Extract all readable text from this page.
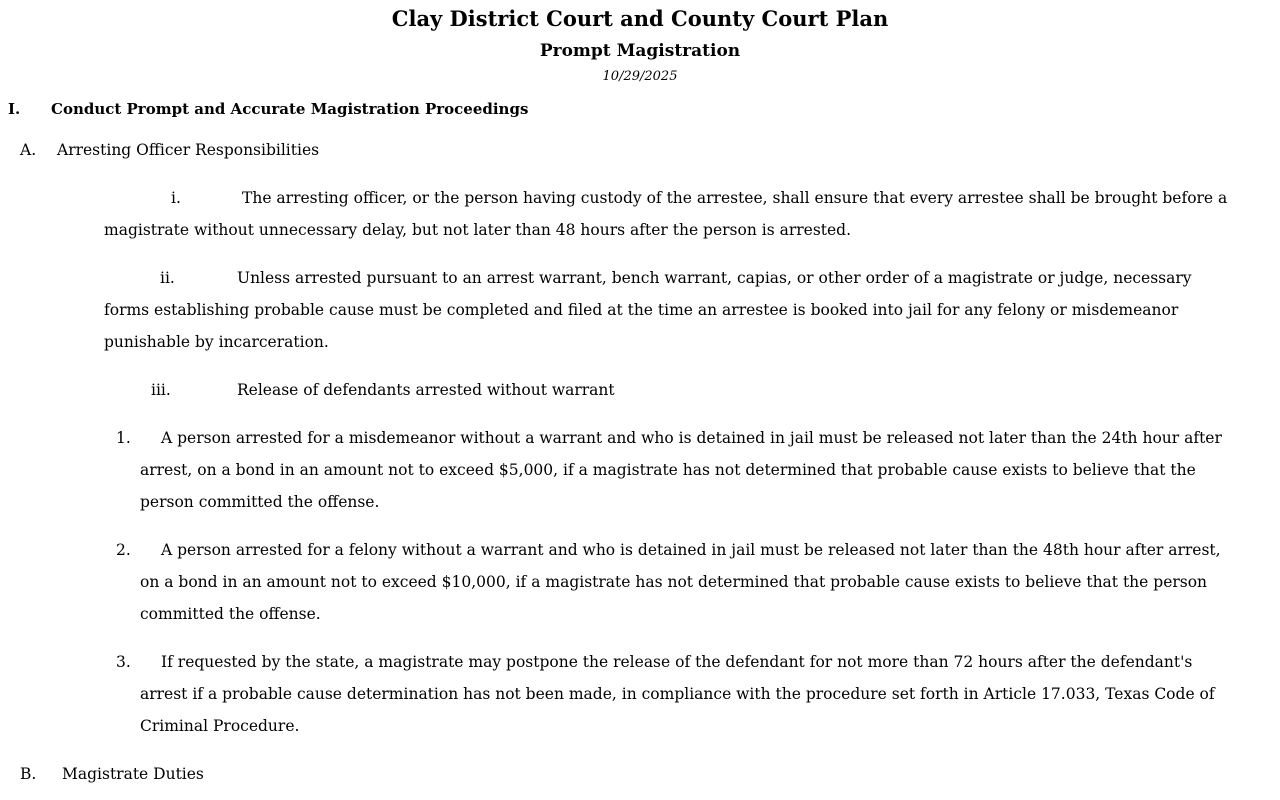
Clay District Court and County Court Plan
Prompt Magistration
10/29/2025
I. Conduct Prompt and Accurate Magistration Proceedings
A. Arresting Officer Responsibilities
i.	The arresting officer, or the person having custody of the arrestee, shall ensure that every arrestee shall be brought before a
magistrate without unnecessary delay, but not later than 48 hours after the person is arrested.
ii.	Unless arrested pursuant to an arrest warrant, bench warrant, capias, or other order of a magistrate or judge, necessary
forms establishing probable cause must be completed and filed at the time an arrestee is booked into jail for any felony or misdemeanor
punishable by incarceration.
iii.	Release of defendants arrested without warrant
1. A person arrested for a misdemeanor without a warrant and who is detained in jail must be released not later than the 24th hour after
arrest, on a bond in an amount not to exceed $5,000, if a magistrate has not determined that probable cause exists to believe that the
person committed the offense.
2. A person arrested for a felony without a warrant and who is detained in jail must be released not later than the 48th hour after arrest,
on a bond in an amount not to exceed $10,000, if a magistrate has not determined that probable cause exists to believe that the person
committed the offense.
3. If requested by the state, a magistrate may postpone the release of the defendant for not more than 72 hours after the defendant's
arrest if a probable cause determination has not been made, in compliance with the procedure set forth in Article 17.033, Texas Code of
Criminal Procedure.
B. Magistrate Duties
